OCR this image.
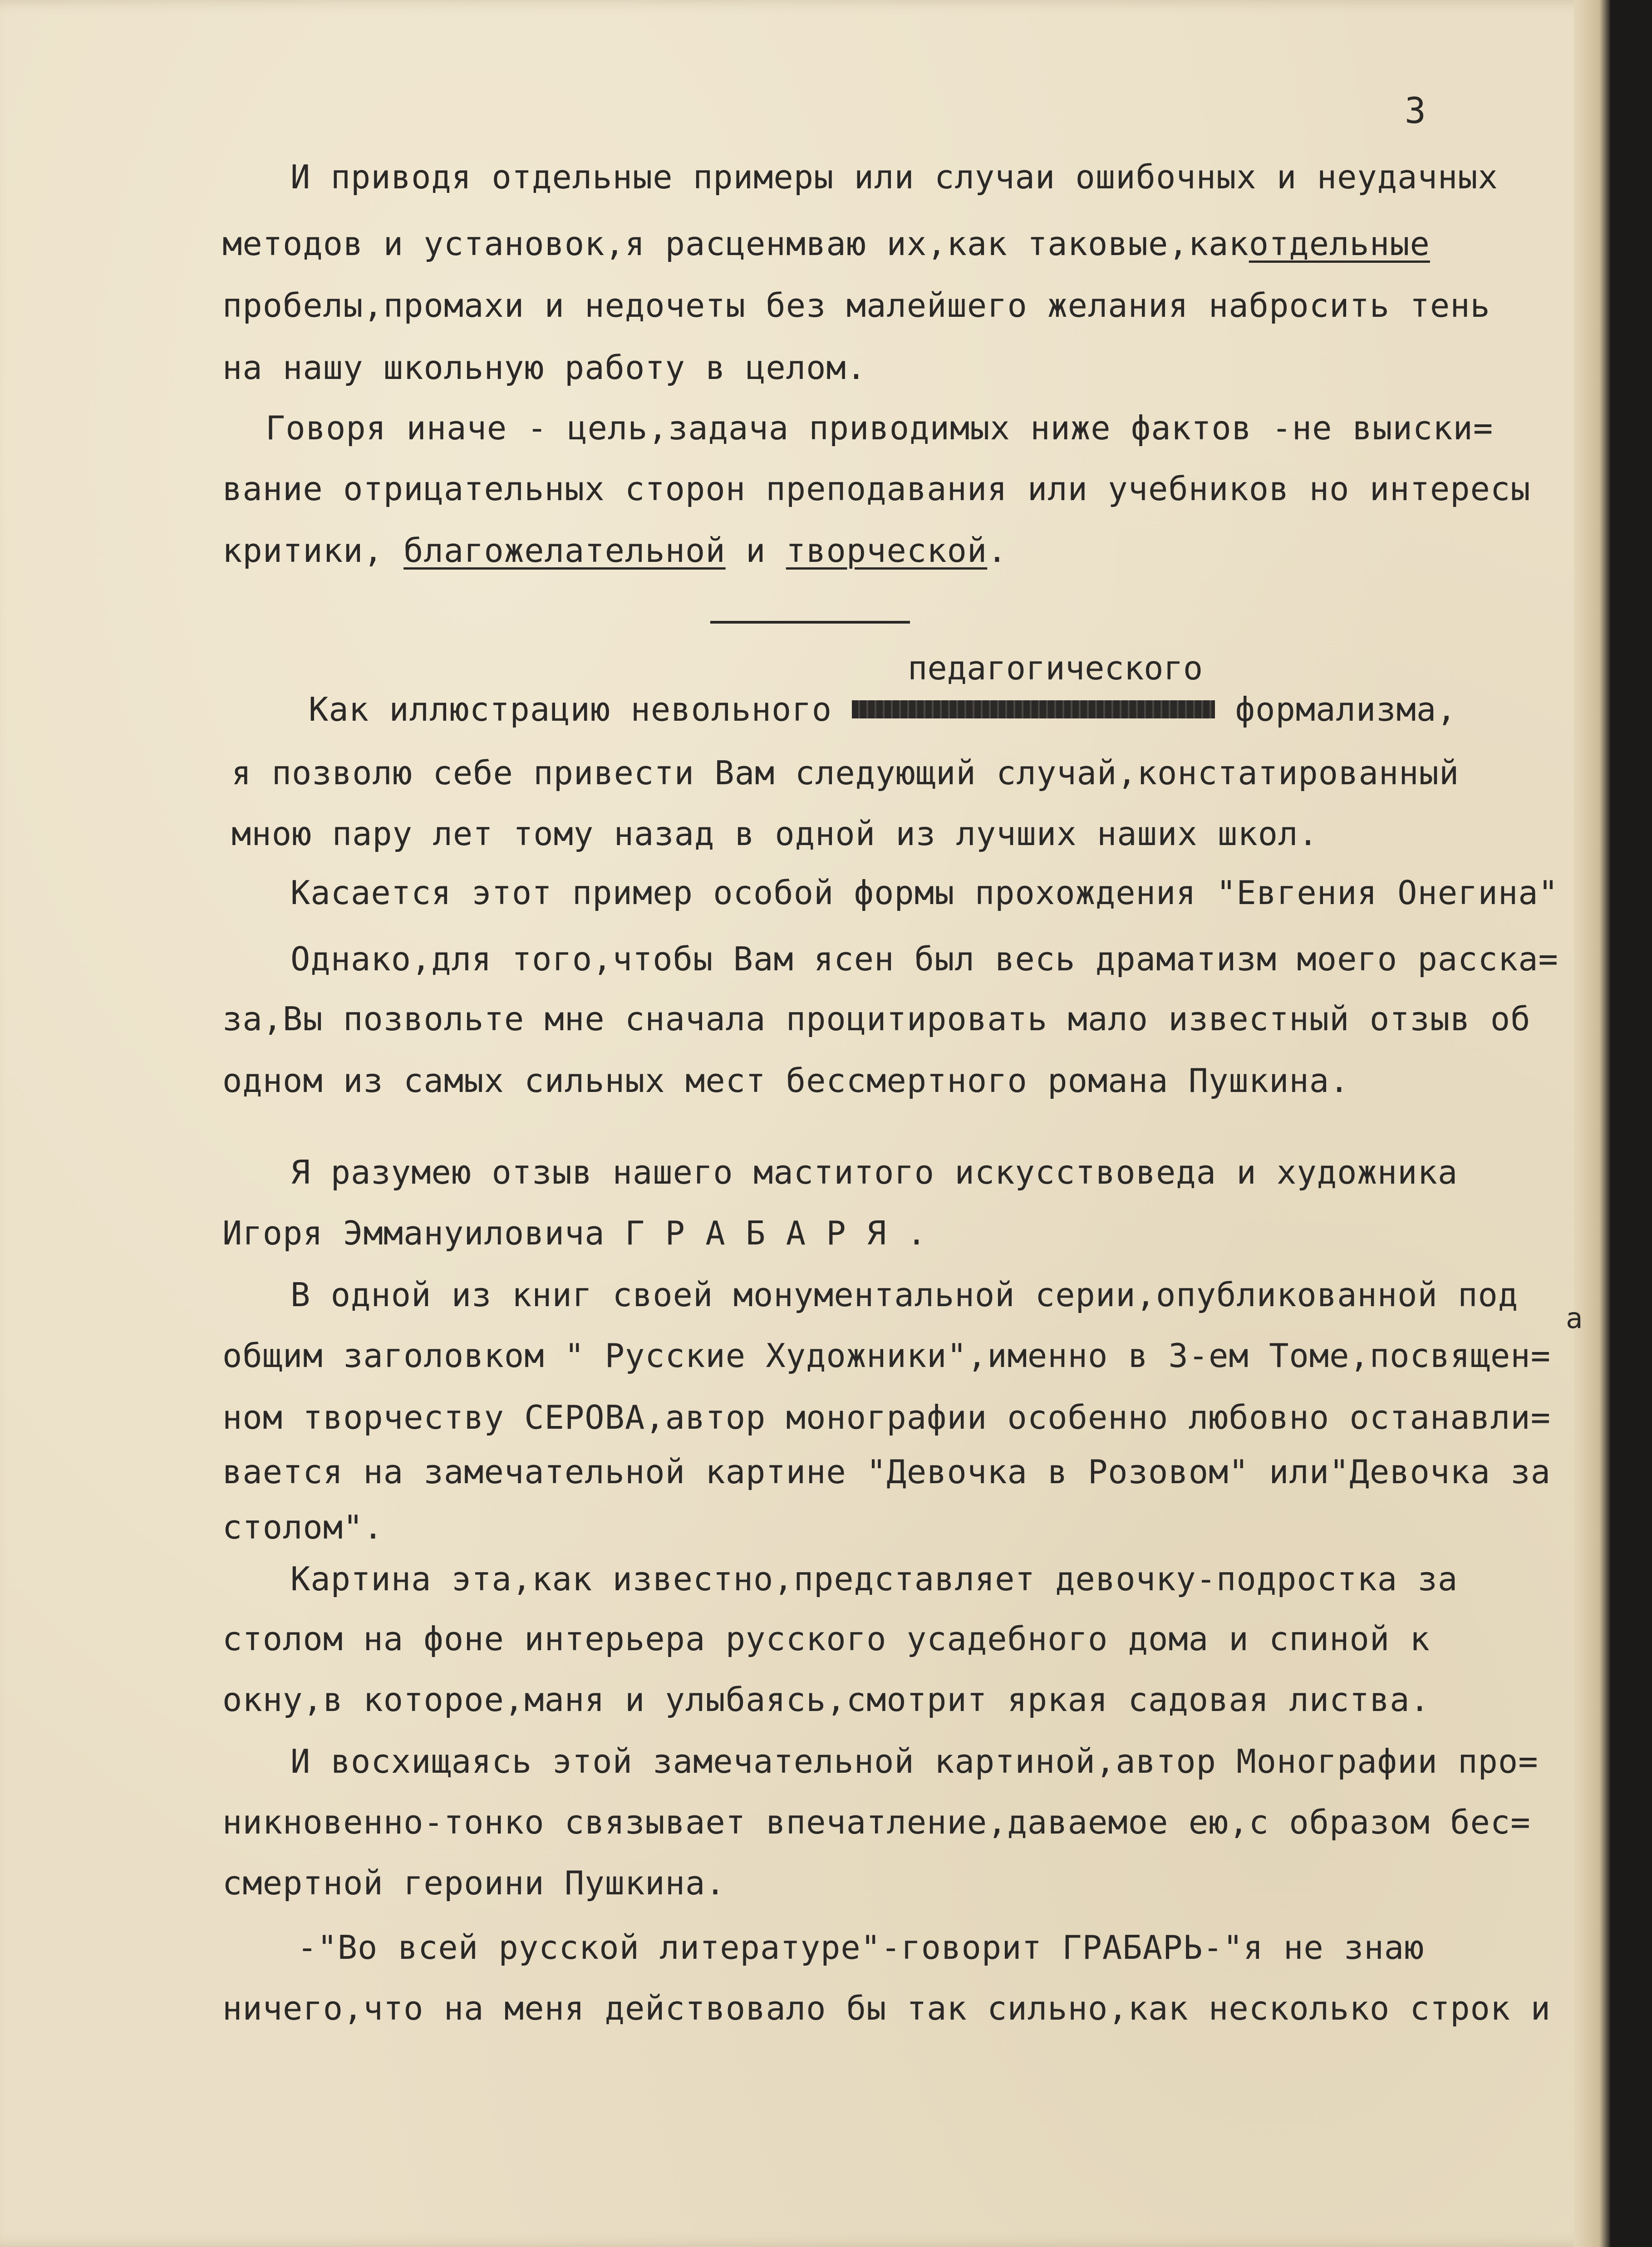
3
И приводя отдельные примеры или случаи ошибочных и неудачных
методов и установок,я расценмваю их,как таковые,какотдельные
пробелы,промахи и недочеты без малейшего желания набросить тень
на нашу школьную работу в целом.
Говоря иначе - цель,задача приводимых ниже фактов -не выиски=
вание отрицательных сторон преподавания или учебников но интересы
критики, благожелательной и творческой.
педагогического
Как иллюстрацию невольного	формализма,
я позволю себе привести Вам следующий случай,констатированный
мною пару лет тому назад в одной из лучших наших школ.
Касается этот пример особой формы прохождения "Евгения Онегина"
Однако,для того,чтобы Вам ясен был весь драматизм моего расска=
за,Вы позвольте мне сначала процитировать мало известный отзыв об
одном из самых сильных мест бессмертного романа Пушкина.
Я разумею отзыв нашего маститого искусствоведа и художника
Игоря Эммануиловича Г Р А Б А Р Я .
В одной из книг своей монументальной серии,опубликованной под
общим заголовком " Русские Художники",именно в 3-ем Томе,посвящен=
ном творчеству СЕРОВА,автор монографии особенно любовно останавли=
вается на замечательной картине "Девочка в Розовом" или"Девочка за
столом".
Картина эта,как известно,представляет девочку-подростка за
столом на фоне интерьера русского усадебного дома и спиной к
окну,в которое,маня и улыбаясь,смотрит яркая садовая листва.
И восхищаясь этой замечательной картиной,автор Монографии про=
никновенно-тонко связывает впечатление,даваемое ею,с образом бес=
смертной героини Пушкина.
-"Во всей русской литературе"-говорит ГРАБАРЬ-"я не знаю
ничего,что на меня действовало бы так сильно,как несколько строк и
а
